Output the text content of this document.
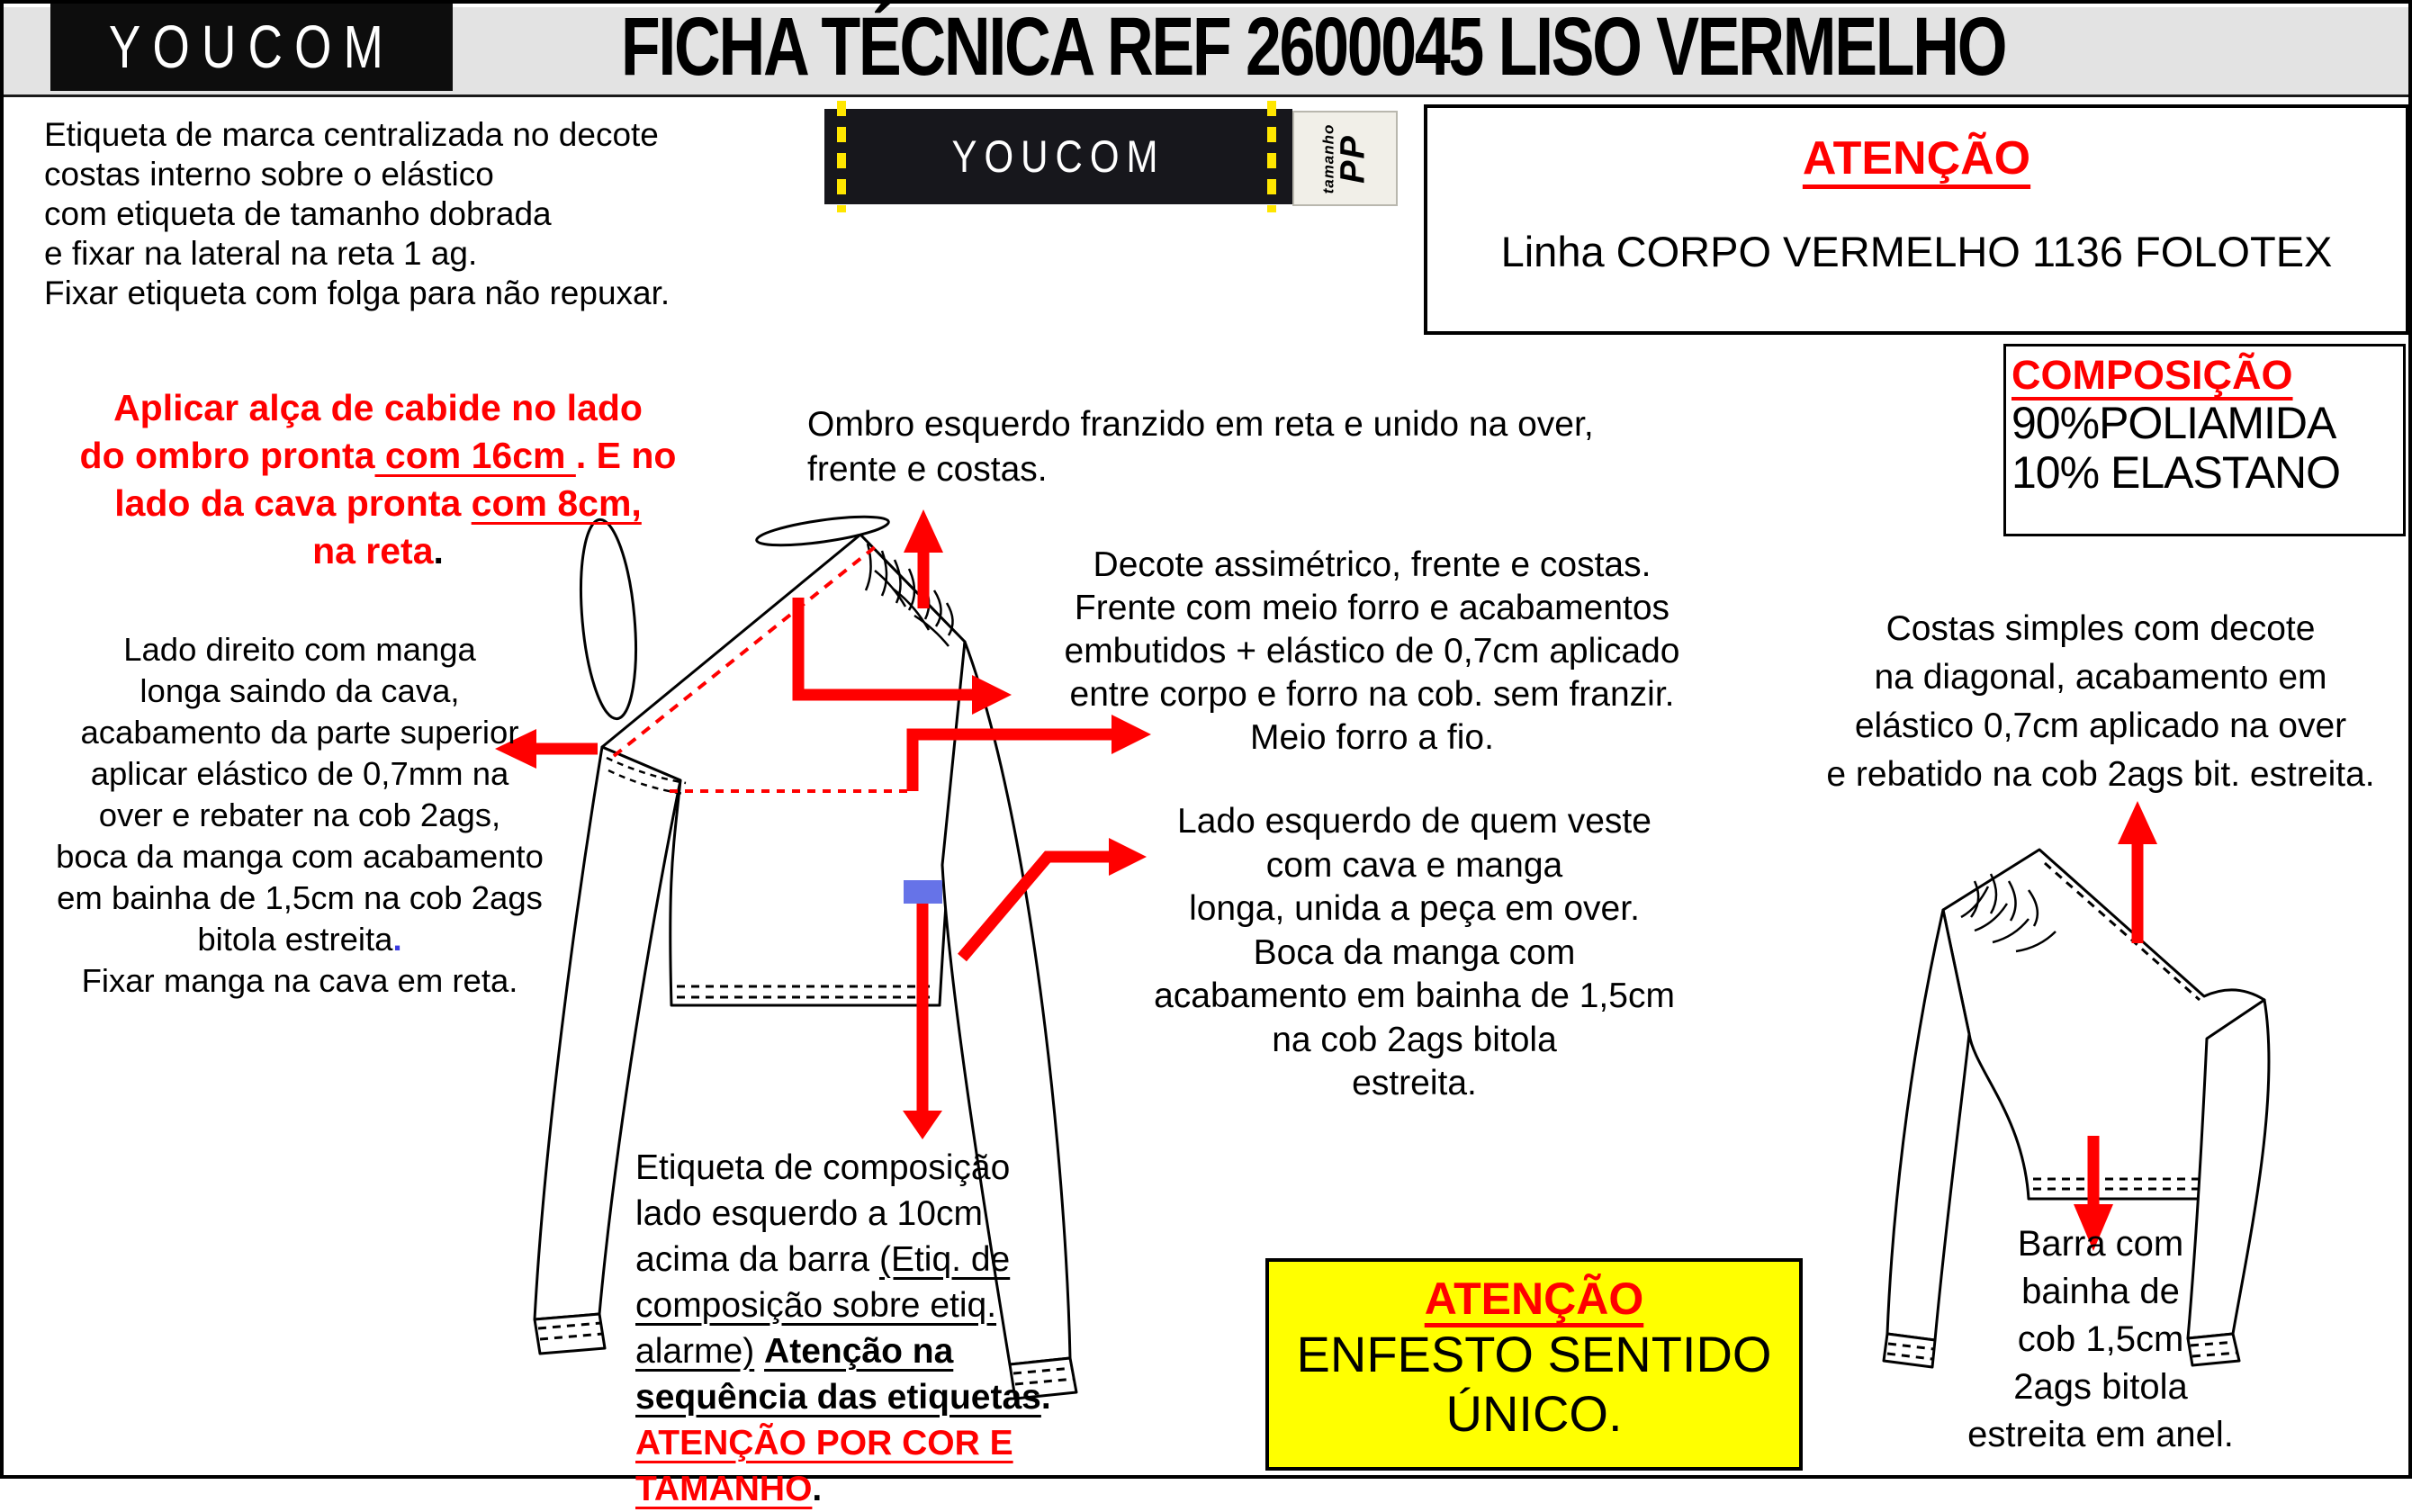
YOUCOM	FICHA TÉCNICA REF 2600045 LISO VERMELHO
Etiqueta de marca centralizada no decote
costas interno sobre o elástico
com etiqueta de tamanho dobrada
e fixar na lateral na reta 1 ag.
Fixar etiqueta com folga para não repuxar.
YOUCOM	tamanho
PP	ATENÇÃO
Linha CORPO VERMELHO 1136 FOLOTEX
COMPOSIÇÃO
90%POLIAMIDA
10% ELASTANO
Aplicar alça de cabide no lado
do ombro pronta com 16cm . E no
lado da cava pronta com 8cm,
na reta.
Ombro esquerdo franzido em reta e unido na over,
frente e costas.
Lado direito com manga
longa saindo da cava,
acabamento da parte superior
aplicar elástico de 0,7mm na
over e rebater na cob 2ags,
boca da manga com acabamento
em bainha de 1,5cm na cob 2ags
bitola estreita.
Fixar manga na cava em reta.
Decote assimétrico, frente e costas.
Frente com meio forro e acabamentos
embutidos + elástico de 0,7cm aplicado
entre corpo e forro na cob. sem franzir.
Meio forro a fio.
Lado esquerdo de quem veste
com cava e manga
longa, unida a peça em over.
Boca da manga com
acabamento em bainha de 1,5cm
na cob 2ags bitola
estreita.
Costas simples com decote
na diagonal, acabamento em
elástico 0,7cm aplicado na over
e rebatido na cob 2ags bit. estreita.
Etiqueta de composição
lado esquerdo a 10cm
acima da barra (Etiq. de
composição sobre etiq.
alarme) Atenção na
sequência das etiquetas.
ATENÇÃO POR COR E
TAMANHO.
ATENÇÃO
ENFESTO SENTIDO
ÚNICO.
Barra com
bainha de
cob 1,5cm
2ags bitola
estreita em anel.
